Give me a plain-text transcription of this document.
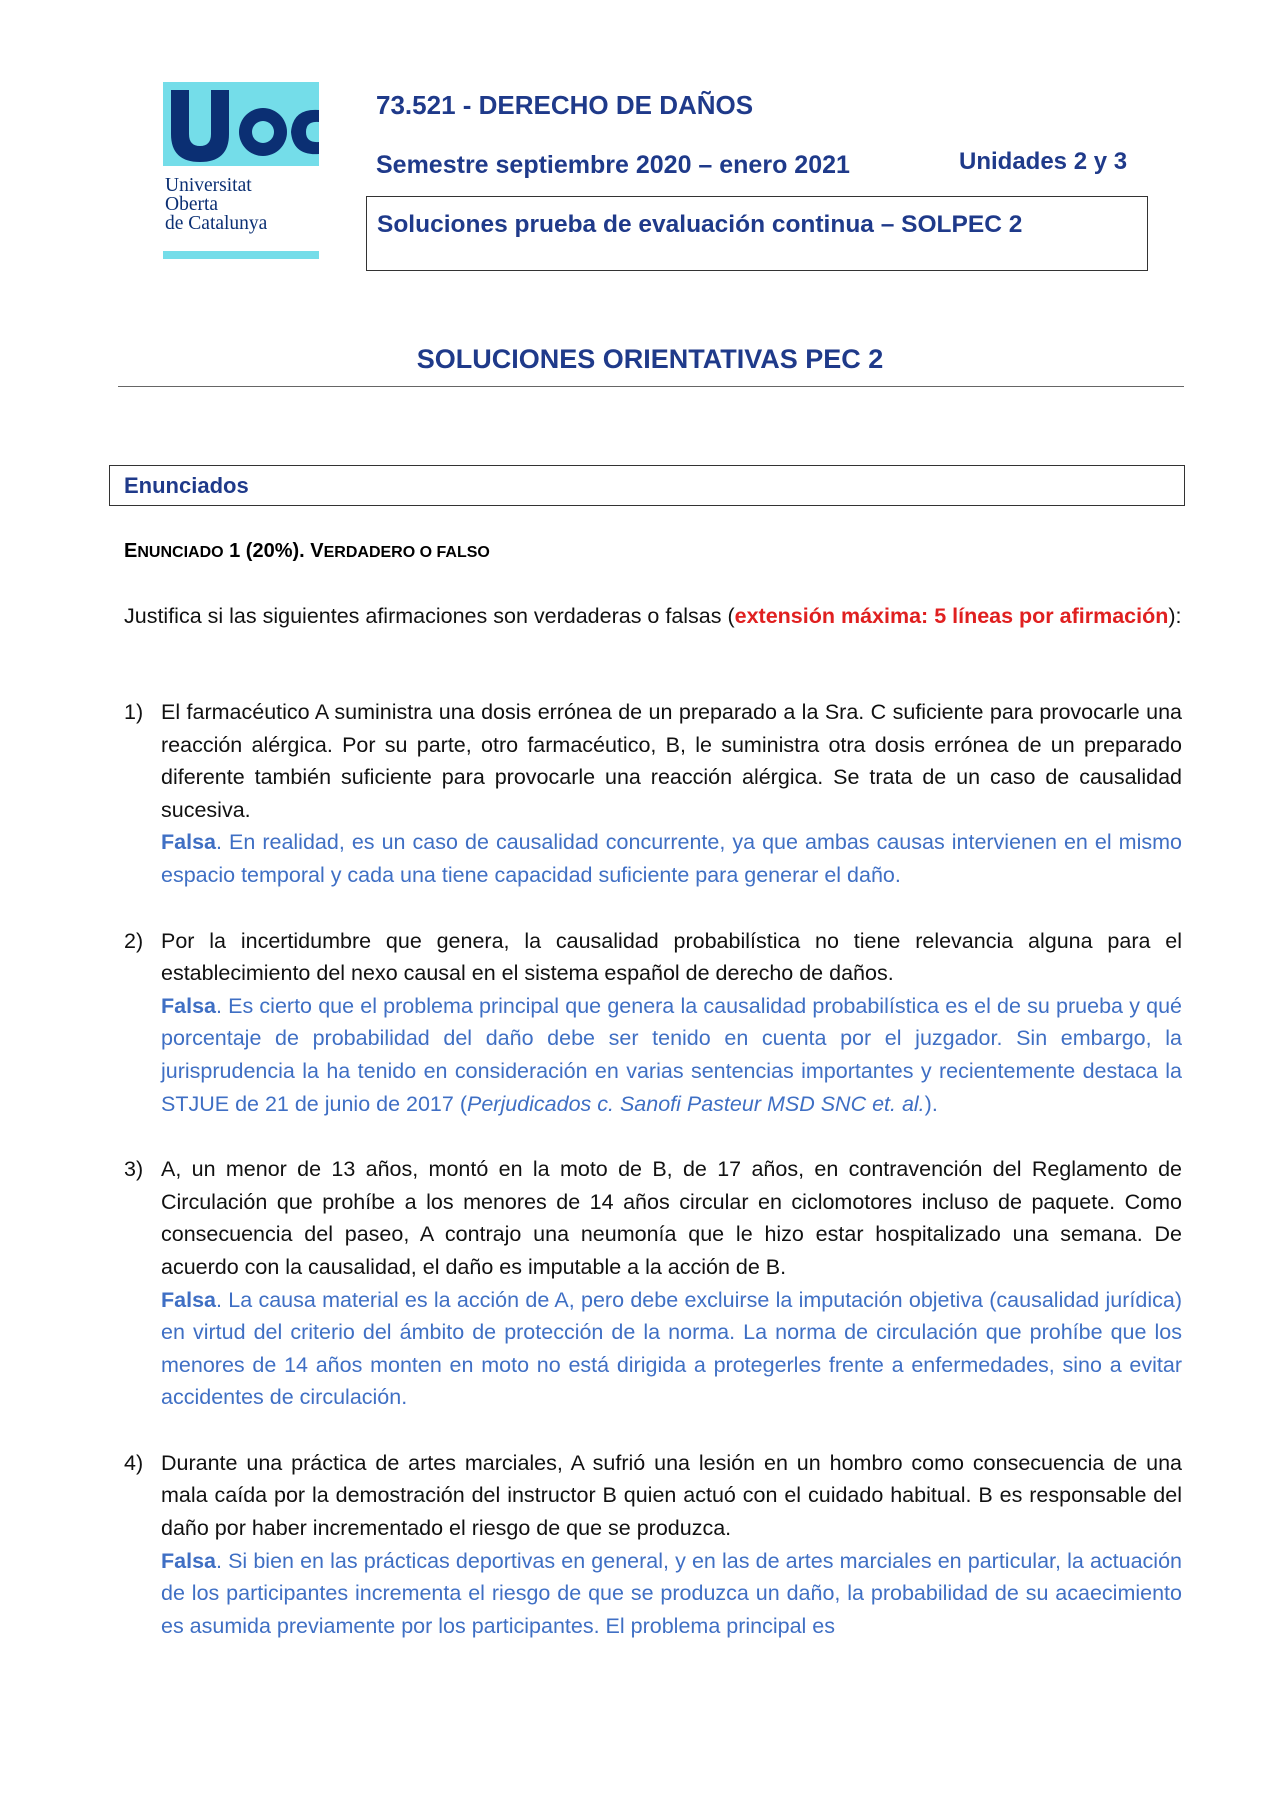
Universitat
Oberta
de Catalunya
73.521 - DERECHO DE DAÑOS
Semestre septiembre 2020 – enero 2021	Unidades 2 y 3
Soluciones prueba de evaluación continua – SOLPEC 2
SOLUCIONES ORIENTATIVAS PEC 2
Enunciados
ENUNCIADO 1 (20%). VERDADERO O FALSO
Justifica si las siguientes afirmaciones son verdaderas o falsas (extensión máxima: 5 líneas por afirmación):
1) El farmacéutico A suministra una dosis errónea de un preparado a la Sra. C suficiente para provocarle una reacción alérgica. Por su parte, otro farmacéutico, B, le suministra otra dosis errónea de un preparado diferente también suficiente para provocarle una reacción alérgica. Se trata de un caso de causalidad sucesiva.
Falsa. En realidad, es un caso de causalidad concurrente, ya que ambas causas intervienen en el mismo espacio temporal y cada una tiene capacidad suficiente para generar el daño.
2) Por la incertidumbre que genera, la causalidad probabilística no tiene relevancia alguna para el establecimiento del nexo causal en el sistema español de derecho de daños.
Falsa. Es cierto que el problema principal que genera la causalidad probabilística es el de su prueba y qué porcentaje de probabilidad del daño debe ser tenido en cuenta por el juzgador. Sin embargo, la jurisprudencia la ha tenido en consideración en varias sentencias importantes y recientemente destaca la STJUE de 21 de junio de 2017 (Perjudicados c. Sanofi Pasteur MSD SNC et. al.).
3) A, un menor de 13 años, montó en la moto de B, de 17 años, en contravención del Reglamento de Circulación que prohíbe a los menores de 14 años circular en ciclomotores incluso de paquete. Como consecuencia del paseo, A contrajo una neumonía que le hizo estar hospitalizado una semana. De acuerdo con la causalidad, el daño es imputable a la acción de B.
Falsa. La causa material es la acción de A, pero debe excluirse la imputación objetiva (causalidad jurídica) en virtud del criterio del ámbito de protección de la norma. La norma de circulación que prohíbe que los menores de 14 años monten en moto no está dirigida a protegerles frente a enfermedades, sino a evitar accidentes de circulación.
4) Durante una práctica de artes marciales, A sufrió una lesión en un hombro como consecuencia de una mala caída por la demostración del instructor B quien actuó con el cuidado habitual. B es responsable del daño por haber incrementado el riesgo de que se produzca.
Falsa. Si bien en las prácticas deportivas en general, y en las de artes marciales en particular, la actuación de los participantes incrementa el riesgo de que se produzca un daño, la probabilidad de su acaecimiento es asumida previamente por los participantes. El problema principal es
